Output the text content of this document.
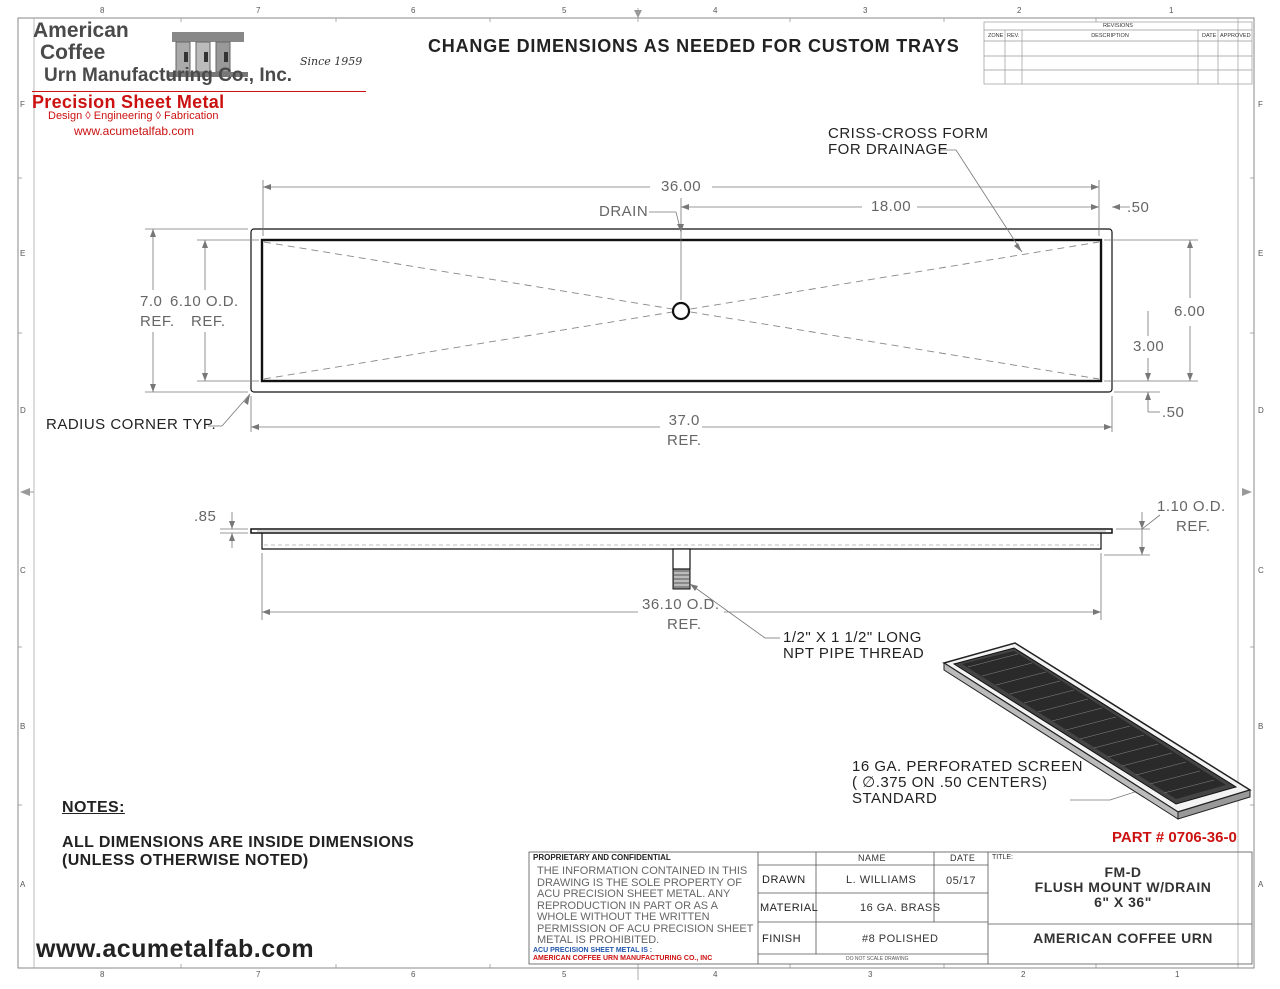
8	7	6	5	4	3	2	1
8	7	6	5	4	3	2	1
F
E
D
C
B
A
F
E
D
C
B
A
REVISIONS
ZONE REV.	DESCRIPTION	DATE APPROVED
American
Coffee
Urn Manufacturing Co., Inc.
Since 1959
Precision Sheet Metal
Design ◊ Engineering ◊ Fabrication
www.acumetalfab.com
CHANGE DIMENSIONS AS NEEDED FOR CUSTOM TRAYS
CRISS-CROSS FORM
FOR DRAINAGE
36.00
DRAIN	18.00	.50
7.0
REF.
6.10 O.D.
REF.
6.00
3.00
.50
RADIUS CORNER TYP.	37.0
REF.
.85
1.10 O.D.
REF.
36.10 O.D.
REF.
1/2" X 1 1/2" LONG
NPT PIPE THREAD
16 GA. PERFORATED SCREEN
( ∅.375 ON .50 CENTERS)
STANDARD
NOTES:
ALL DIMENSIONS ARE INSIDE DIMENSIONS
(UNLESS OTHERWISE NOTED)
PART # 0706-36-0
www.acumetalfab.com
PROPRIETARY AND CONFIDENTIAL
THE INFORMATION CONTAINED IN THIS DRAWING IS THE SOLE PROPERTY OF ACU PRECISION SHEET METAL. ANY REPRODUCTION IN PART OR AS A WHOLE WITHOUT THE WRITTEN PERMISSION OF ACU PRECISION SHEET METAL IS PROHIBITED.
ACU PRECISION SHEET METAL IS :
AMERICAN COFFEE URN MANUFACTURING CO., INC
NAME	DATE
DRAWN	L. WILLIAMS	05/17
MATERIAL	16 GA. BRASS
FINISH	#8 POLISHED
DO NOT SCALE DRAWING
TITLE:
FM-D
FLUSH MOUNT W/DRAIN
6" X 36"
AMERICAN COFFEE URN
